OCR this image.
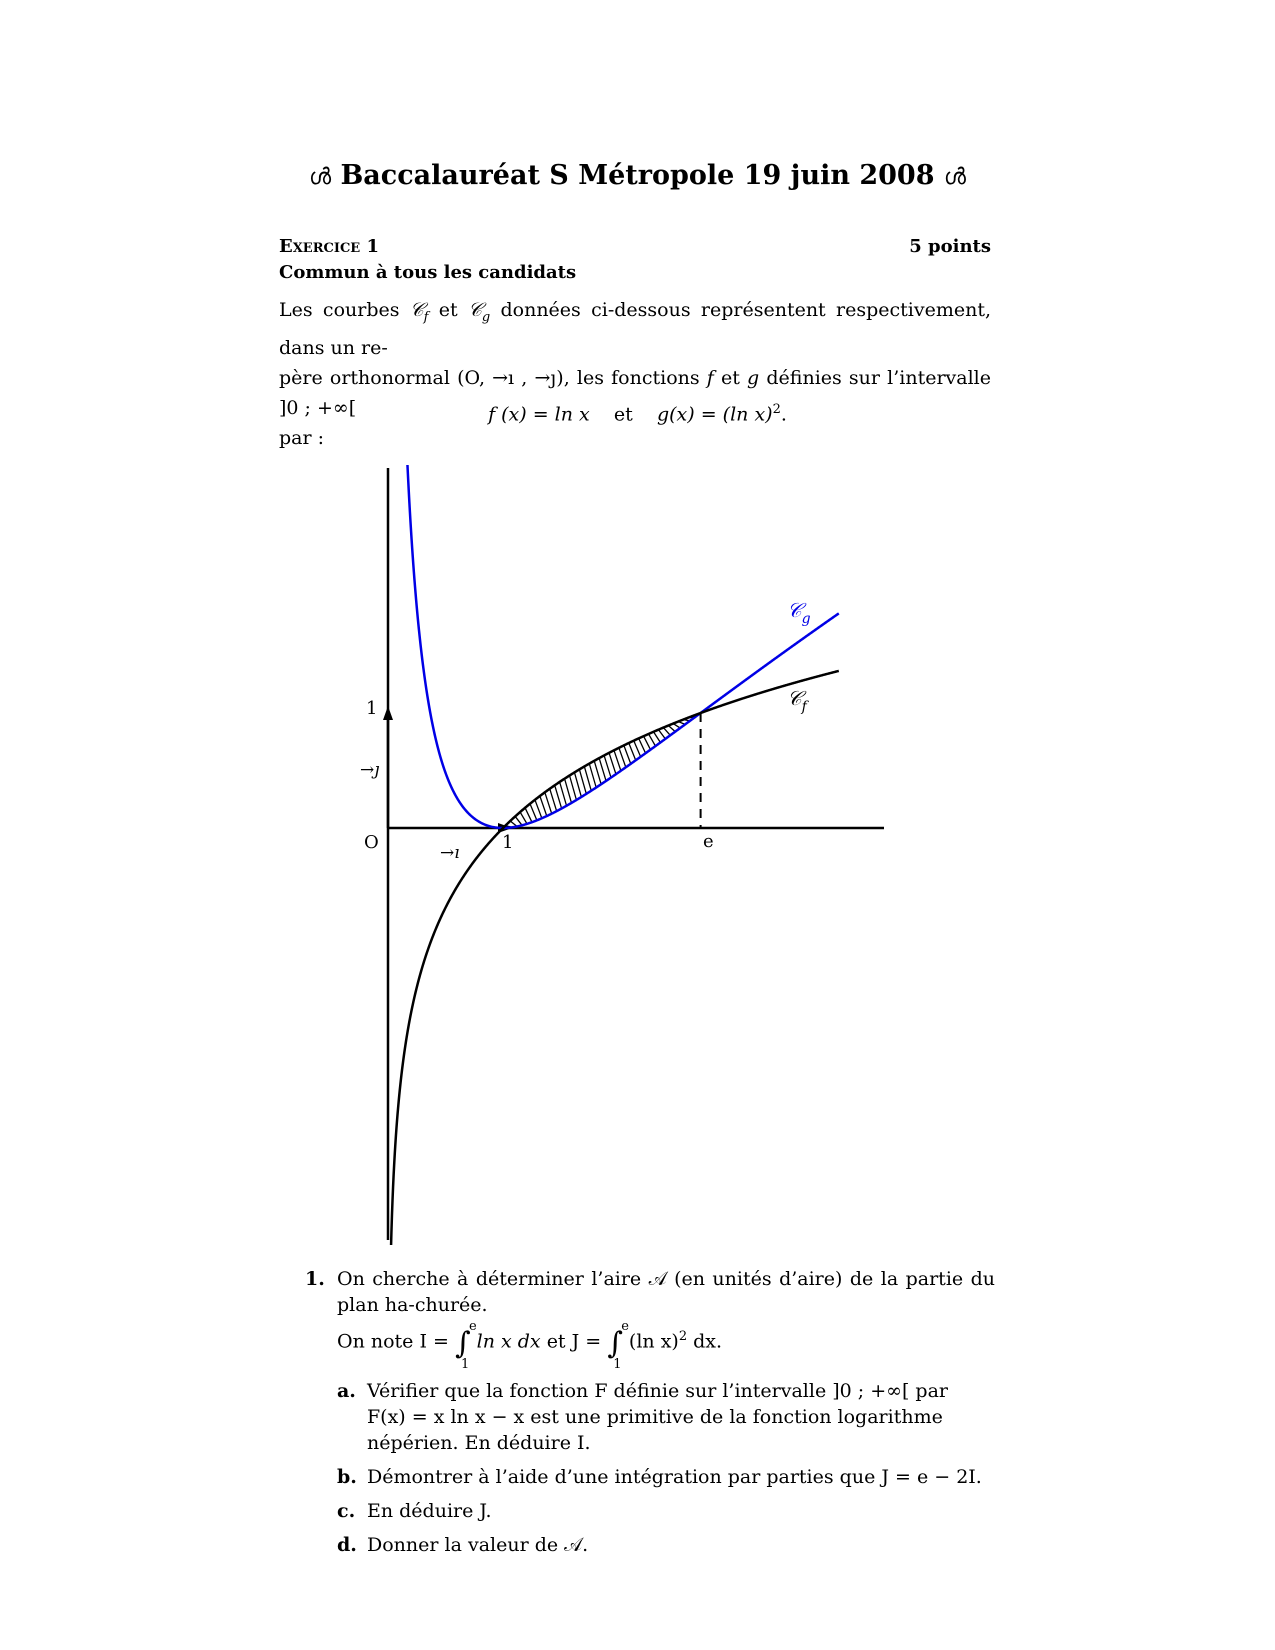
ൾ Baccalauréat S Métropole 19 juin 2008 ൾ
Exercice 1	5 points
Commun à tous les candidats

Les courbes 𝒞$_f$ et 𝒞$_g$ données ci-dessous représentent respectivement, dans un re-

père orthonormal (O, →ı , →ȷ), les fonctions f et g définies sur l’intervalle ]0 ; +∞[

par :

f (x) = ln x et g(x) = (ln x)$^2$.
1
→ȷ
O	→ı 1	e
𝒞$_g$
𝒞$_f$
1. On cherche à déterminer l’aire 𝒜 (en unités d’aire) de la partie du plan ha-churée.
On note I = ∫
e
1
ln x dx et J = ∫
e
1
(ln x)$^2$ dx.
a. Vérifier que la fonction F définie sur l’intervalle ]0 ; +∞[ par
F(x) = x ln x − x est une primitive de la fonction logarithme népérien. En déduire I.
b. Démontrer à l’aide d’une intégration par parties que J = e − 2I.
c. En déduire J.
d. Donner la valeur de 𝒜.
